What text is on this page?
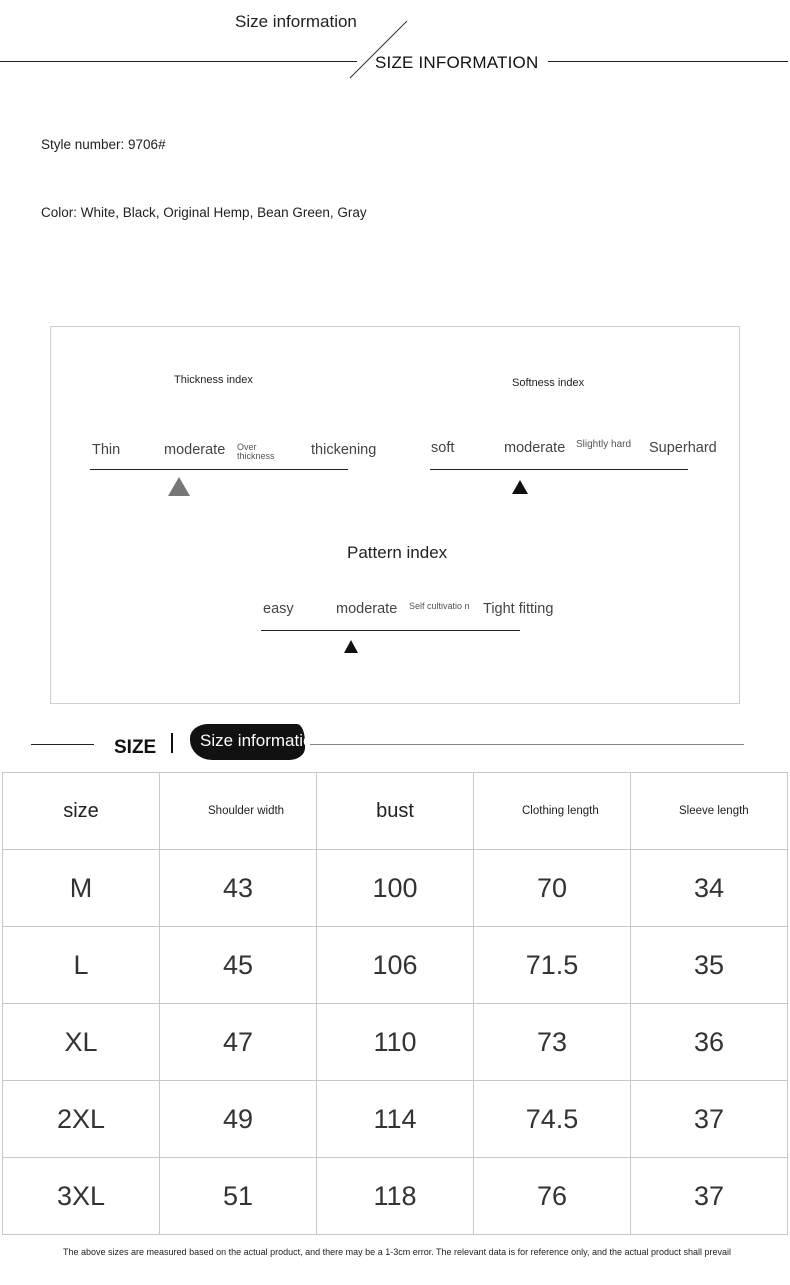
Size information
SIZE INFORMATION
Style number: 9706#
Color: White, Black, Original Hemp, Bean Green, Gray
Thickness index
Thin	moderate Over thickness	thickening
Softness index
soft	moderate Slightly hard Superhard
Pattern index
easy	moderate Self cultivatio n Tight fitting
SIZE	Size information
size	Shoulder width	bust	Clothing length	Sleeve length
M	43	100	70	34
L	45	106	71.5	35
XL	47	110	73	36
2XL	49	114	74.5	37
3XL	51	118	76	37
The above sizes are measured based on the actual product, and there may be a 1-3cm error. The relevant data is for reference only, and the actual product shall prevail
